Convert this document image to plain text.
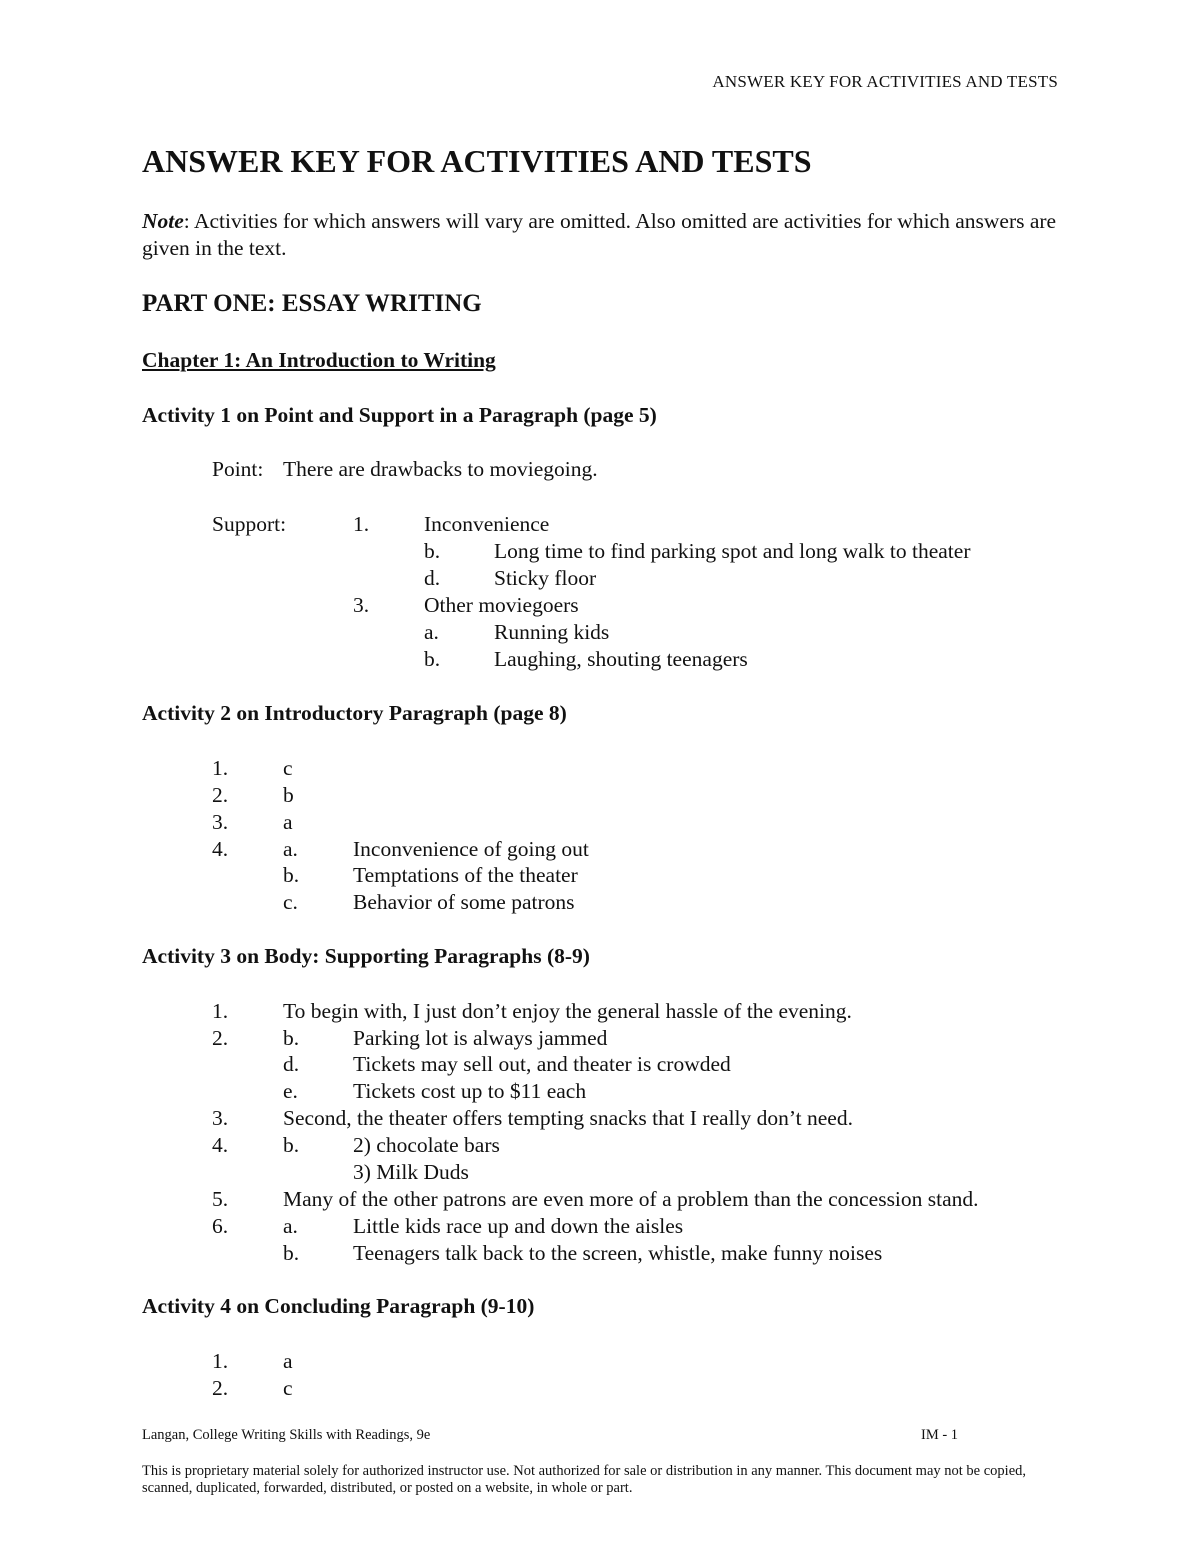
ANSWER KEY FOR ACTIVITIES AND TESTS
ANSWER KEY FOR ACTIVITIES AND TESTS
Note: Activities for which answers will vary are omitted. Also omitted are activities for which answers are given in the text.
PART ONE: ESSAY WRITING
Chapter 1: An Introduction to Writing
Activity 1 on Point and Support in a Paragraph (page 5)
Point: There are drawbacks to moviegoing.
Support:	1.	Inconvenience
b.	Long time to find parking spot and long walk to theater
d.	Sticky floor
3.	Other moviegoers
a.	Running kids
b.	Laughing, shouting teenagers
Activity 2 on Introductory Paragraph (page 8)
1.	c
2.	b
3.	a
4.	a.	Inconvenience of going out
b.	Temptations of the theater
c.	Behavior of some patrons
Activity 3 on Body: Supporting Paragraphs (8-9)
1.	To begin with, I just don’t enjoy the general hassle of the evening.
2.	b.	Parking lot is always jammed
d.	Tickets may sell out, and theater is crowded
e.	Tickets cost up to $11 each
3.	Second, the theater offers tempting snacks that I really don’t need.
4.	b.	2) chocolate bars
3) Milk Duds
5.	Many of the other patrons are even more of a problem than the concession stand.
6.	a.	Little kids race up and down the aisles
b.	Teenagers talk back to the screen, whistle, make funny noises
Activity 4 on Concluding Paragraph (9-10)
1.	a
2.	c
Langan, College Writing Skills with Readings, 9e	IM - 1
This is proprietary material solely for authorized instructor use. Not authorized for sale or distribution in any manner. This document may not be copied, scanned, duplicated, forwarded, distributed, or posted on a website, in whole or part.
